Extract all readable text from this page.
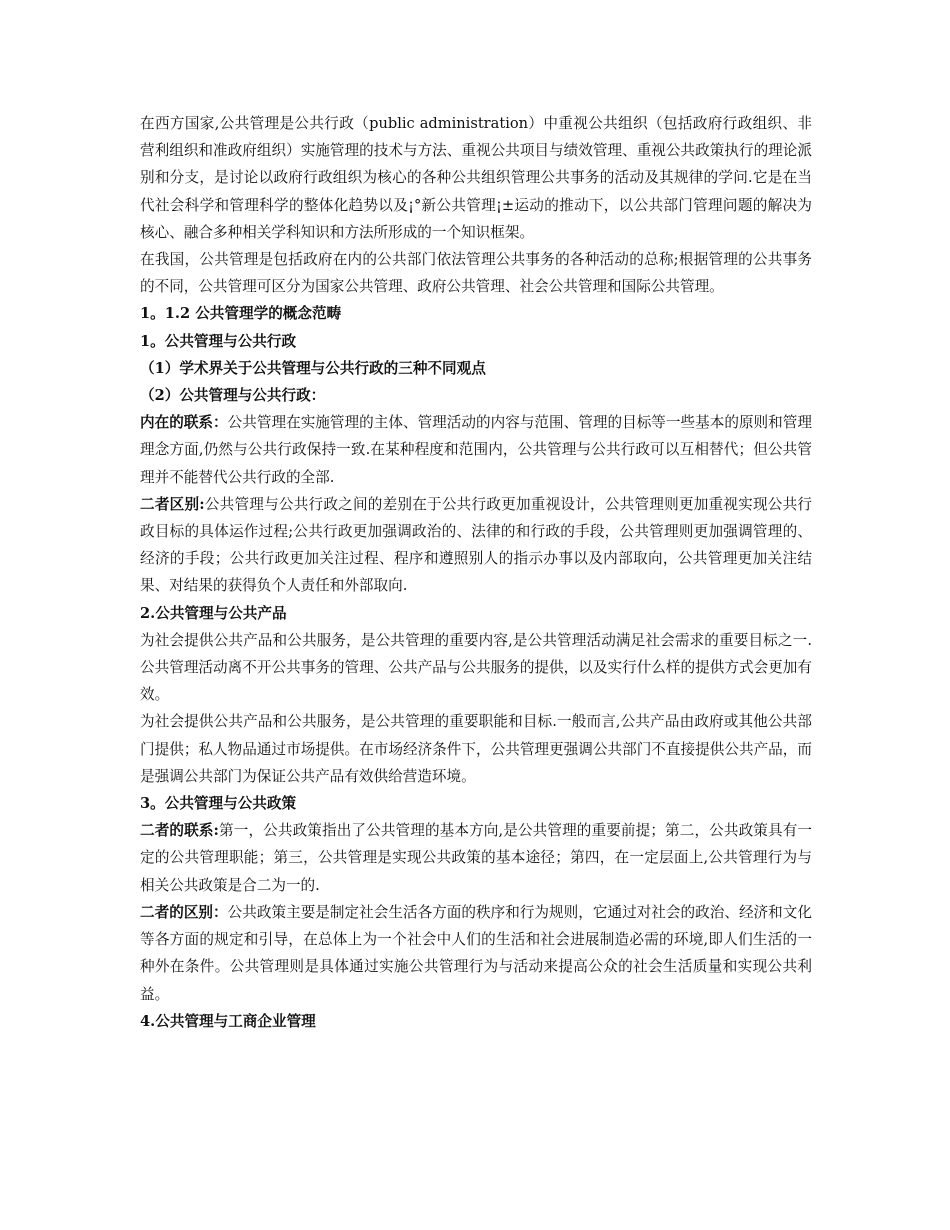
在西方国家,公共管理是公共行政（public administration）中重视公共组织（包括政府行政组织、非营利组织和准政府组织）实施管理的技术与方法、重视公共项目与绩效管理、重视公共政策执行的理论派别和分支，是讨论以政府行政组织为核心的各种公共组织管理公共事务的活动及其规律的学问.它是在当代社会科学和管理科学的整体化趋势以及¡°新公共管理¡±运动的推动下，以公共部门管理问题的解决为核心、融合多种相关学科知识和方法所形成的一个知识框架。

在我国，公共管理是包括政府在内的公共部门依法管理公共事务的各种活动的总称;根据管理的公共事务的不同，公共管理可区分为国家公共管理、政府公共管理、社会公共管理和国际公共管理。

1。1.2 公共管理学的概念范畴

1。公共管理与公共行政

（1）学术界关于公共管理与公共行政的三种不同观点

（2）公共管理与公共行政：

内在的联系：公共管理在实施管理的主体、管理活动的内容与范围、管理的目标等一些基本的原则和管理理念方面,仍然与公共行政保持一致.在某种程度和范围内，公共管理与公共行政可以互相替代；但公共管理并不能替代公共行政的全部.

二者区别:公共管理与公共行政之间的差别在于公共行政更加重视设计，公共管理则更加重视实现公共行政目标的具体运作过程;公共行政更加强调政治的、法律的和行政的手段，公共管理则更加强调管理的、经济的手段；公共行政更加关注过程、程序和遵照别人的指示办事以及内部取向，公共管理更加关注结果、对结果的获得负个人责任和外部取向.

2.公共管理与公共产品

为社会提供公共产品和公共服务，是公共管理的重要内容,是公共管理活动满足社会需求的重要目标之一.公共管理活动离不开公共事务的管理、公共产品与公共服务的提供，以及实行什么样的提供方式会更加有效。

为社会提供公共产品和公共服务，是公共管理的重要职能和目标.一般而言,公共产品由政府或其他公共部门提供；私人物品通过市场提供。在市场经济条件下，公共管理更强调公共部门不直接提供公共产品，而是强调公共部门为保证公共产品有效供给营造环境。

3。公共管理与公共政策

二者的联系:第一，公共政策指出了公共管理的基本方向,是公共管理的重要前提；第二，公共政策具有一定的公共管理职能；第三，公共管理是实现公共政策的基本途径；第四，在一定层面上,公共管理行为与相关公共政策是合二为一的.

二者的区别：公共政策主要是制定社会生活各方面的秩序和行为规则，它通过对社会的政治、经济和文化等各方面的规定和引导，在总体上为一个社会中人们的生活和社会进展制造必需的环境,即人们生活的一种外在条件。公共管理则是具体通过实施公共管理行为与活动来提高公众的社会生活质量和实现公共利益。

4.公共管理与工商企业管理
